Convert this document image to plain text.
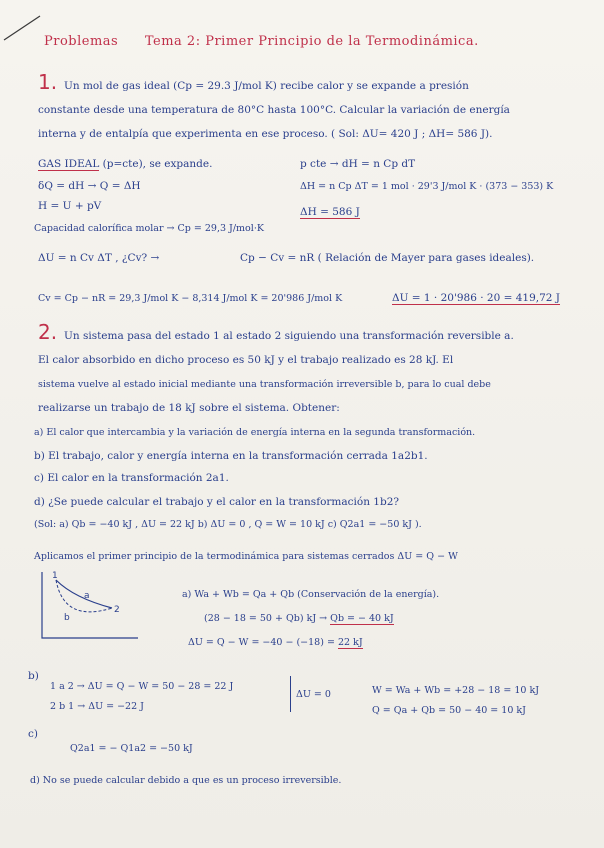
Problemas Tema 2: Primer Principio de la Termodinámica.
1. Un mol de gas ideal (Cp = 29.3 J/mol K) recibe calor y se expande a presión
constante desde una temperatura de 80°C hasta 100°C. Calcular la variación de energía
interna y de entalpía que experimenta en ese proceso. ( Sol: ΔU= 420 J ; ΔH= 586 J).
GAS IDEAL (p=cte), se expande.
δQ = dH → Q = ΔH
H = U + pV
Capacidad calorífica molar → Cp = 29,3 J/mol·K
p cte → dH = n Cp dT
ΔH = n Cp ΔT = 1 mol · 29'3 J/mol K · (373 − 353) K
ΔH = 586 J
ΔU = n Cv ΔT , ¿Cv? →	Cp − Cv = nR ( Relación de Mayer para gases ideales).
Cv = Cp − nR = 29,3 J/mol K − 8,314 J/mol K = 20'986 J/mol K	ΔU = 1 · 20'986 · 20 = 419,72 J
2. Un sistema pasa del estado 1 al estado 2 siguiendo una transformación reversible a.
El calor absorbido en dicho proceso es 50 kJ y el trabajo realizado es 28 kJ. El
sistema vuelve al estado inicial mediante una transformación irreversible b, para lo cual debe
realizarse un trabajo de 18 kJ sobre el sistema. Obtener:
a) El calor que intercambia y la variación de energía interna en la segunda transformación.
b) El trabajo, calor y energía interna en la transformación cerrada 1a2b1.
c) El calor en la transformación 2a1.
d) ¿Se puede calcular el trabajo y el calor en la transformación 1b2?
(Sol: a) Qb = −40 kJ , ΔU = 22 kJ b) ΔU = 0 , Q = W = 10 kJ c) Q2a1 = −50 kJ ).
Aplicamos el primer principio de la termodinámica para sistemas cerrados ΔU = Q − W
1
2
a
b
a) Wa + Wb = Qa + Qb (Conservación de la energía).
(28 − 18 = 50 + Qb) kJ → Qb = − 40 kJ
ΔU = Q − W = −40 − (−18) = 22 kJ
b)
1 a 2 → ΔU = Q − W = 50 − 28 = 22 J
2 b 1 → ΔU = −22 J
ΔU = 0	W = Wa + Wb = +28 − 18 = 10 kJ
Q = Qa + Qb = 50 − 40 = 10 kJ
c)
Q2a1 = − Q1a2 = −50 kJ
d) No se puede calcular debido a que es un proceso irreversible.
